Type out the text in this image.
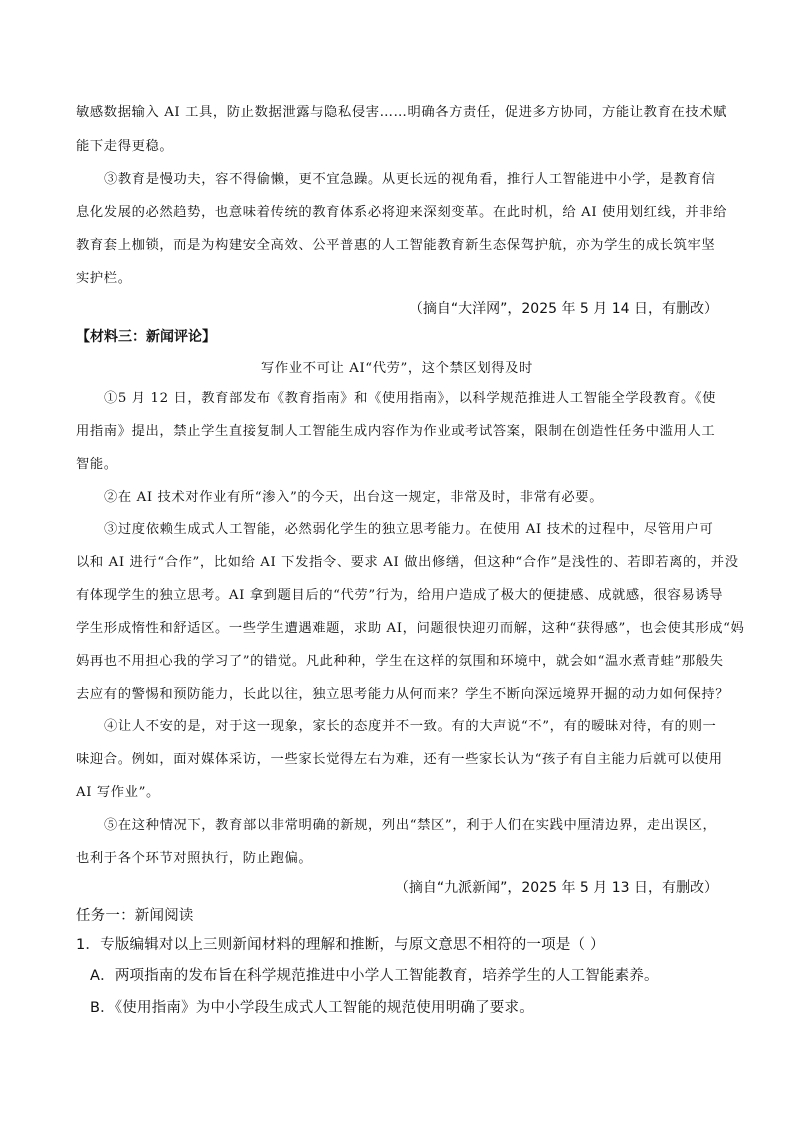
敏感数据输入 AI 工具，防止数据泄露与隐私侵害……明确各方责任，促进多方协同，方能让教育在技术赋
能下走得更稳。
③教育是慢功夫，容不得偷懒，更不宜急躁。从更长远的视角看，推行人工智能进中小学，是教育信
息化发展的必然趋势，也意味着传统的教育体系必将迎来深刻变革。在此时机，给 AI 使用划红线，并非给
教育套上枷锁，而是为构建安全高效、公平普惠的人工智能教育新生态保驾护航，亦为学生的成长筑牢坚
实护栏。
（摘自“大洋网”，2025 年 5 月 14 日，有删改）
【材料三：新闻评论】
写作业不可让 AI“代劳”，这个禁区划得及时
①5 月 12 日，教育部发布《教育指南》和《使用指南》，以科学规范推进人工智能全学段教育。《使
用指南》提出，禁止学生直接复制人工智能生成内容作为作业或考试答案，限制在创造性任务中滥用人工
智能。
②在 AI 技术对作业有所“渗入”的今天，出台这一规定，非常及时，非常有必要。
③过度依赖生成式人工智能，必然弱化学生的独立思考能力。在使用 AI 技术的过程中，尽管用户可
以和 AI 进行“合作”，比如给 AI 下发指令、要求 AI 做出修缮，但这种“合作”是浅性的、若即若离的，并没
有体现学生的独立思考。AI 拿到题目后的“代劳”行为，给用户造成了极大的便捷感、成就感，很容易诱导
学生形成惰性和舒适区。一些学生遭遇难题，求助 AI，问题很快迎刃而解，这种“获得感”，也会使其形成“妈
妈再也不用担心我的学习了”的错觉。凡此种种，学生在这样的氛围和环境中，就会如“温水煮青蛙”那般失
去应有的警惕和预防能力，长此以往，独立思考能力从何而来？学生不断向深远境界开掘的动力如何保持？
④让人不安的是，对于这一现象，家长的态度并不一致。有的大声说“不”，有的暧昧对待，有的则一
味迎合。例如，面对媒体采访，一些家长觉得左右为难，还有一些家长认为“孩子有自主能力后就可以使用
AI 写作业”。
⑤在这种情况下，教育部以非常明确的新规，列出“禁区”，利于人们在实践中厘清边界，走出误区，
也利于各个环节对照执行，防止跑偏。
（摘自“九派新闻”，2025 年 5 月 13 日，有删改）
任务一：新闻阅读
1．专版编辑对以上三则新闻材料的理解和推断，与原文意思不相符的一项是（ ）
A．两项指南的发布旨在科学规范推进中小学人工智能教育，培养学生的人工智能素养。
B．《使用指南》为中小学段生成式人工智能的规范使用明确了要求。
